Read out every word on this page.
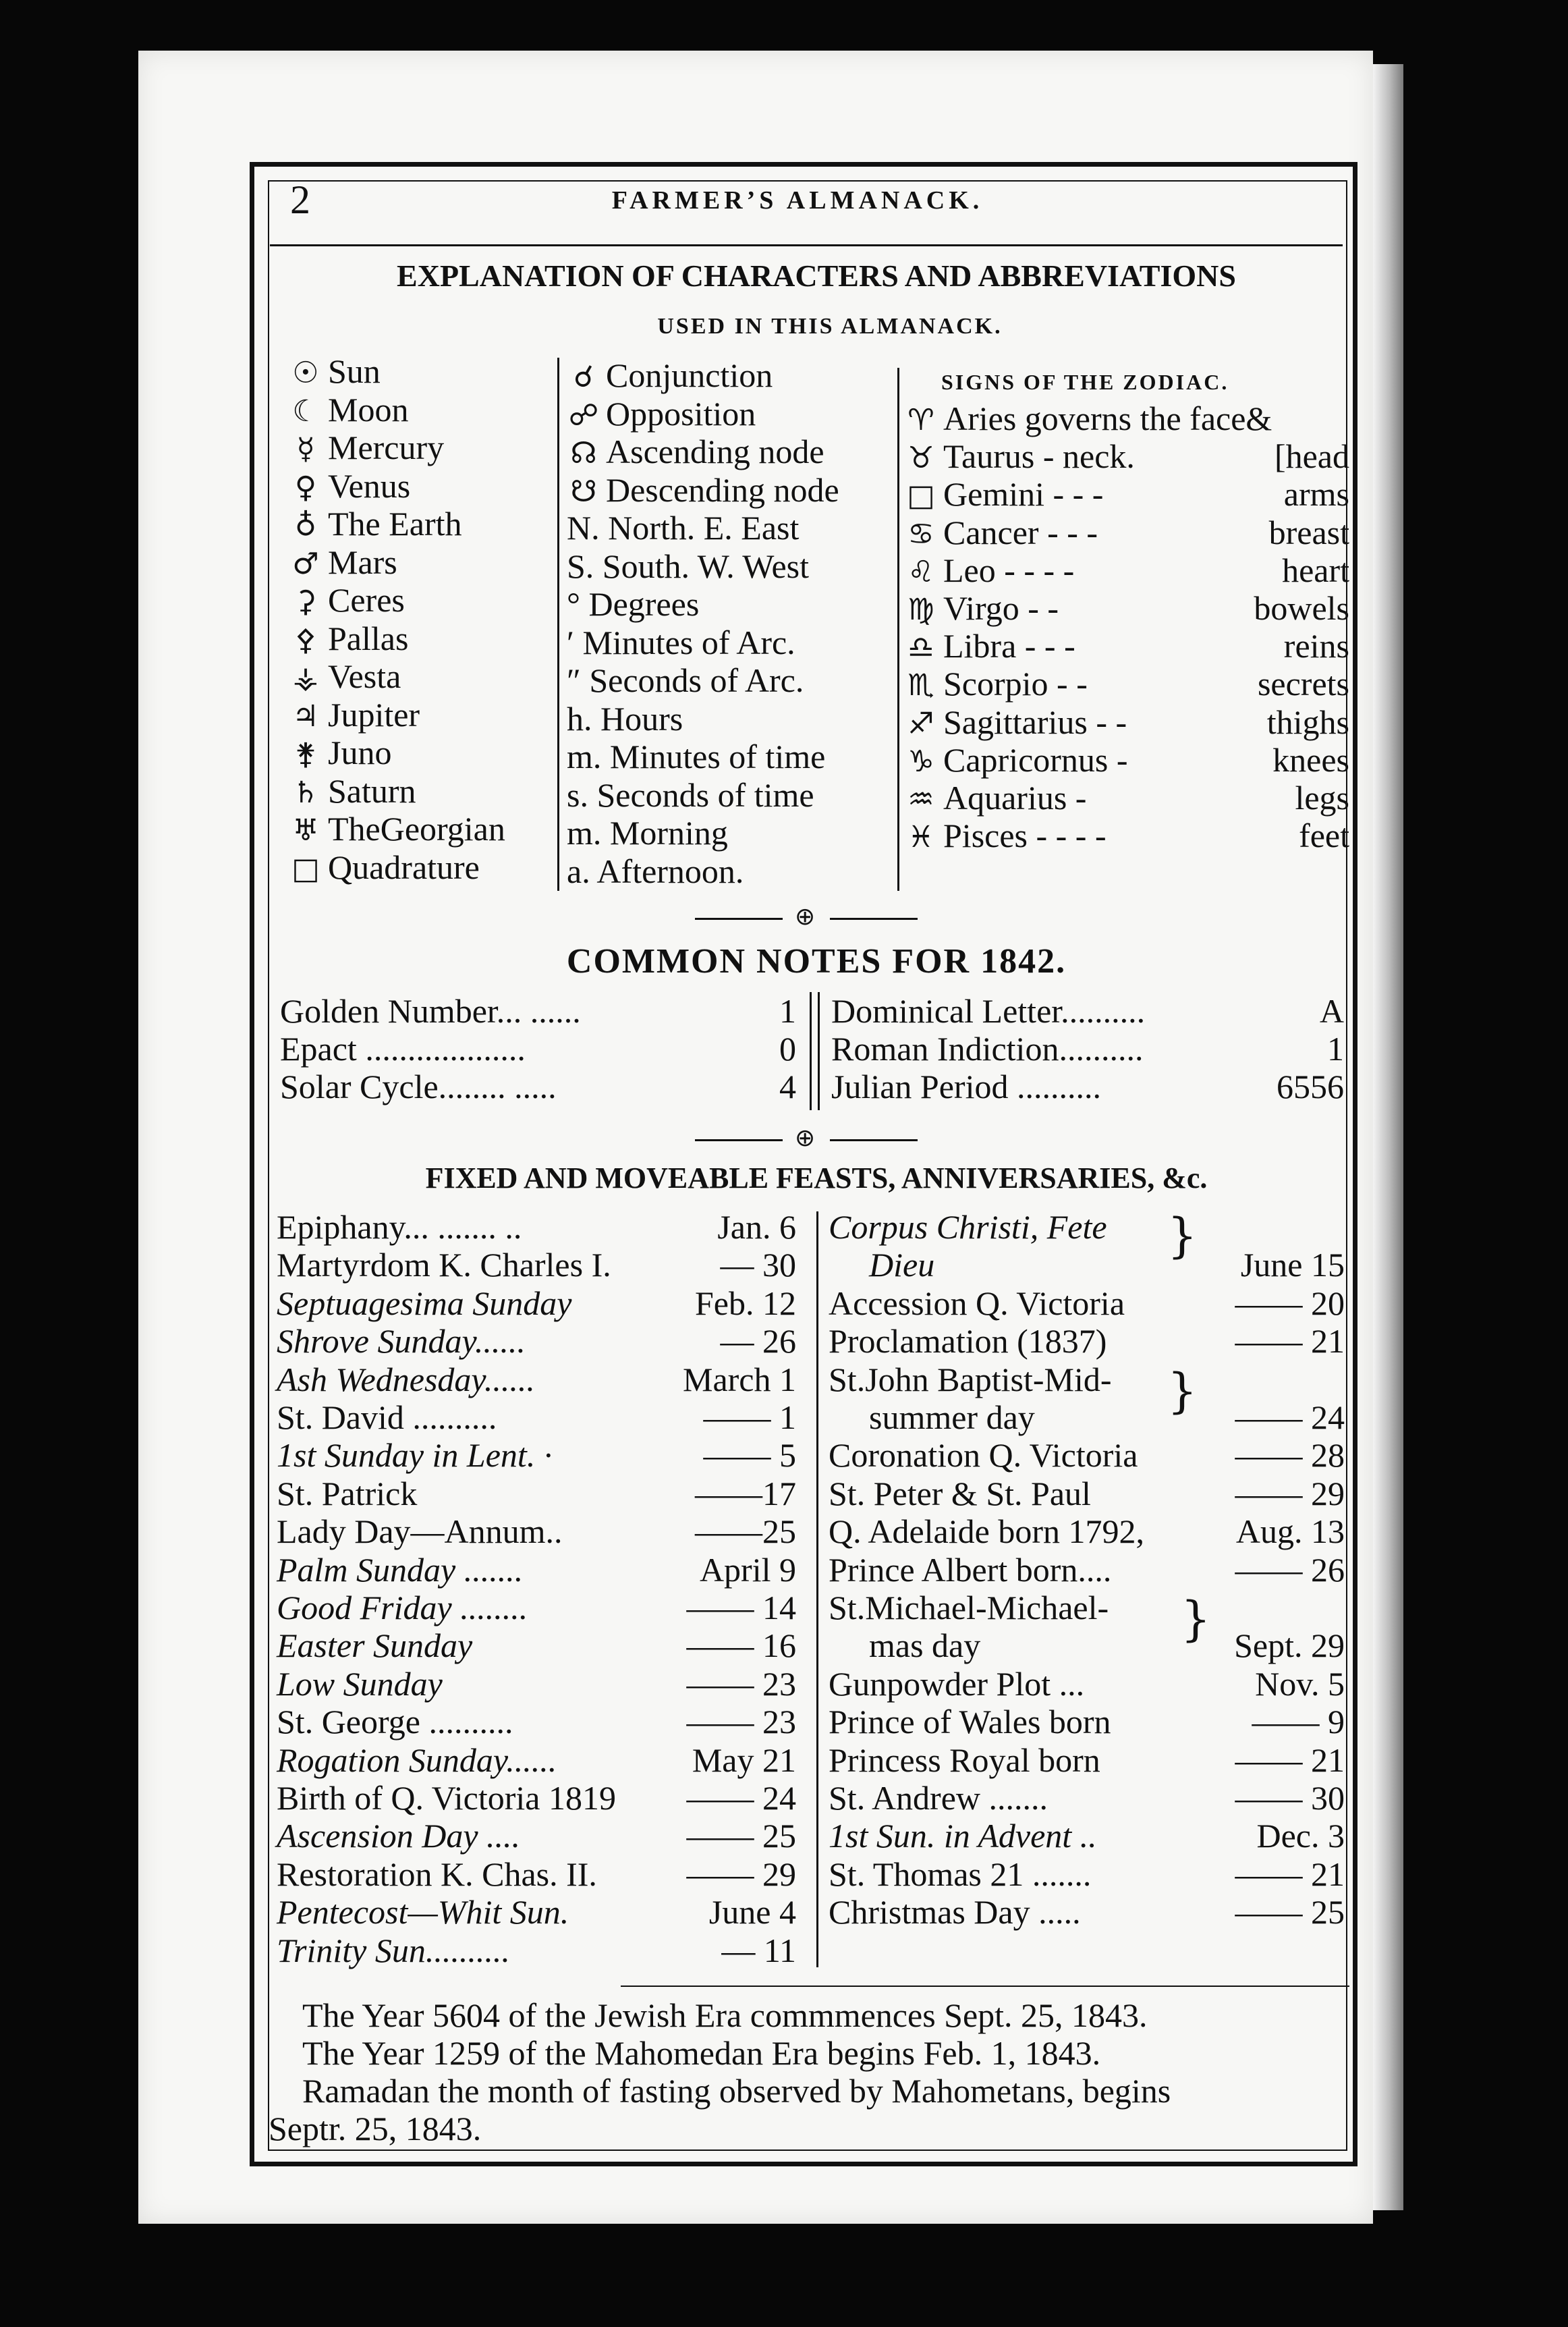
2	FARMER’S ALMANACK.
EXPLANATION OF CHARACTERS AND ABBREVIATIONS
USED IN THIS ALMANACK.
☉ Sun
☾ Moon
☿ Mercury
♀ Venus
♁ The Earth
♂ Mars
⚳ Ceres
⚴ Pallas
⚶ Vesta
♃ Jupiter
⚵ Juno
♄ Saturn
♅ TheGeorgian
□ Quadrature
☌ Conjunction
☍ Opposition
☊ Ascending node
☋ Descending node
N. North. E. East
S. South. W. West
° Degrees
′ Minutes of Arc.
″ Seconds of Arc.
h. Hours
m. Minutes of time
s. Seconds of time
m. Morning
a. Afternoon.
SIGNS OF THE ZODIAC.
♈ Aries governs the face&
♉ Taurus - neck.	[head
□ Gemini - - -	arms
♋ Cancer - - -	breast
♌ Leo - - - -	heart
♍ Virgo - -	bowels
♎ Libra - - -	reins
♏ Scorpio - -	secrets
♐ Sagittarius - -	thighs
♑ Capricornus -	knees
♒ Aquarius -	legs
♓ Pisces - - - -	feet
⊕
COMMON NOTES FOR 1842.
Golden Number... ......	1
Epact ...................	0
Solar Cycle........ .....	4
Dominical Letter..........	A
Roman Indiction..........	1
Julian Period ..........	6556
⊕
FIXED AND MOVEABLE FEASTS, ANNIVERSARIES, &c.
Epiphany... ....... ..	Jan. 6
Martyrdom K. Charles I.	— 30
Septuagesima Sunday	Feb. 12
Shrove Sunday......	— 26
Ash Wednesday......	March 1
St. David ..........	—— 1
1st Sunday in Lent. ·	—— 5
St. Patrick	——17
Lady Day—Annum..	——25
Palm Sunday .......	April 9
Good Friday ........	—— 14
Easter Sunday	—— 16
Low Sunday	—— 23
St. George ..........	—— 23
Rogation Sunday......	May 21
Birth of Q. Victoria 1819 —— 24
Ascension Day ....	—— 25
Restoration K. Chas. II.	—— 29
Pentecost—Whit Sun.	June 4
Trinity Sun..........	— 11
Corpus Christi, Fete
Dieu	June 15
Accession Q. Victoria	—— 20
Proclamation (1837)	—— 21
St.John Baptist-Mid-
summer day	—— 24
Coronation Q. Victoria	—— 28
St. Peter & St. Paul	—— 29
Q. Adelaide born 1792,	Aug. 13
Prince Albert born....	—— 26
St.Michael-Michael-
mas day	Sept. 29
Gunpowder Plot ...	Nov. 5
Prince of Wales born	—— 9
Princess Royal born	—— 21
St. Andrew .......	—— 30
1st Sun. in Advent ..	Dec. 3
St. Thomas 21 .......	—— 21
Christmas Day .....	—— 25
}
}
}
The Year 5604 of the Jewish Era commmences Sept. 25, 1843.
The Year 1259 of the Mahomedan Era begins Feb. 1, 1843.
Ramadan the month of fasting observed by Mahometans, begins
Septr. 25, 1843.
